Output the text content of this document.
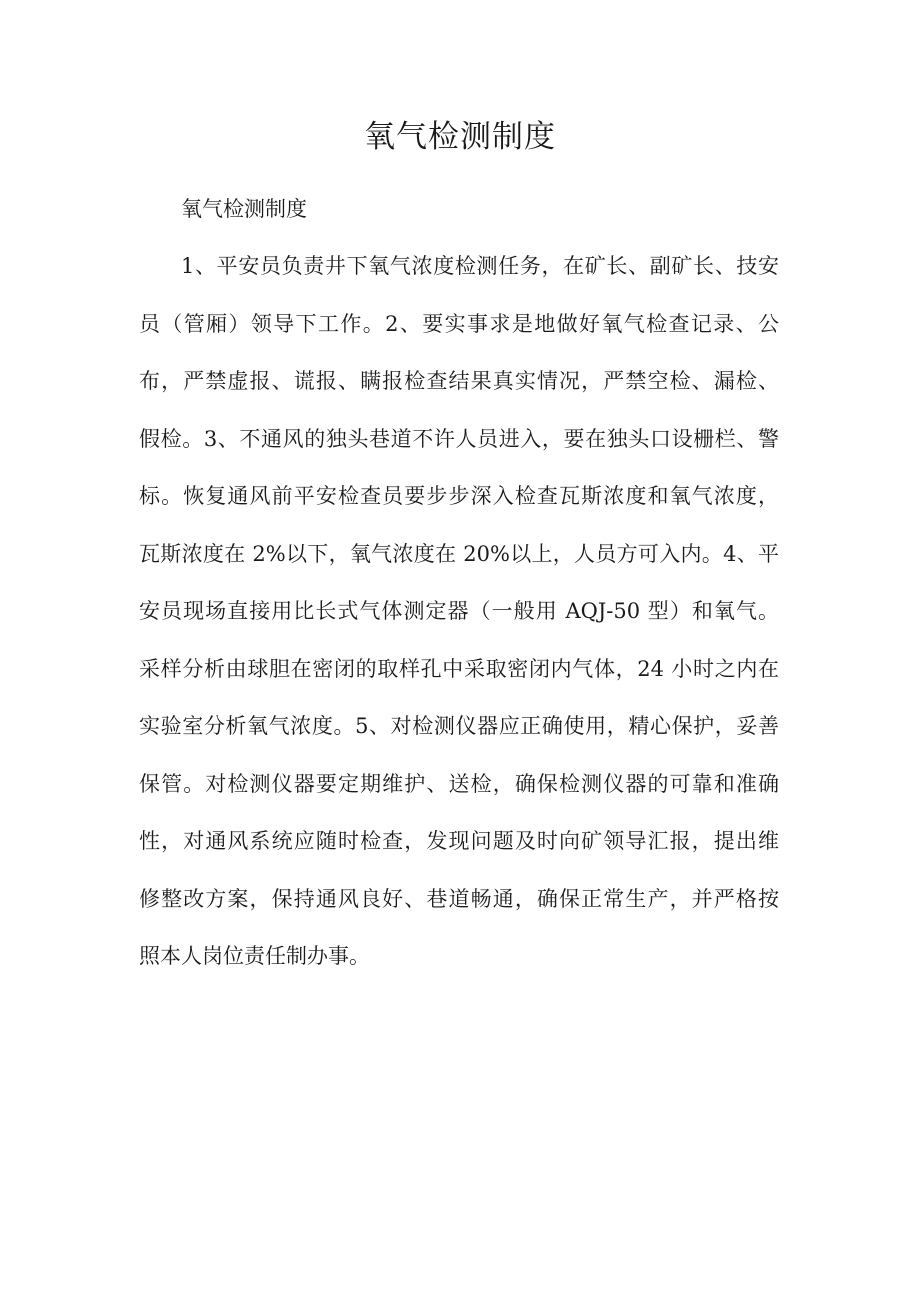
氧气检测制度

氧气检测制度

1、平安员负责井下氧气浓度检测任务，在矿长、副矿长、技安
员（管厢）领导下工作。2、要实事求是地做好氧气检查记录、公
布，严禁虚报、谎报、瞒报检查结果真实情况，严禁空检、漏检、
假检。3、不通风的独头巷道不许人员进入，要在独头口设栅栏、警
标。恢复通风前平安检查员要步步深入检查瓦斯浓度和氧气浓度，
瓦斯浓度在 2%以下，氧气浓度在 20%以上，人员方可入内。4、平
安员现场直接用比长式气体测定器（一般用 AQJ-50 型）和氧气。
采样分析由球胆在密闭的取样孔中采取密闭内气体，24 小时之内在
实验室分析氧气浓度。5、对检测仪器应正确使用，精心保护，妥善
保管。对检测仪器要定期维护、送检，确保检测仪器的可靠和准确
性，对通风系统应随时检查，发现问题及时向矿领导汇报，提出维
修整改方案，保持通风良好、巷道畅通，确保正常生产，并严格按
照本人岗位责任制办事。
